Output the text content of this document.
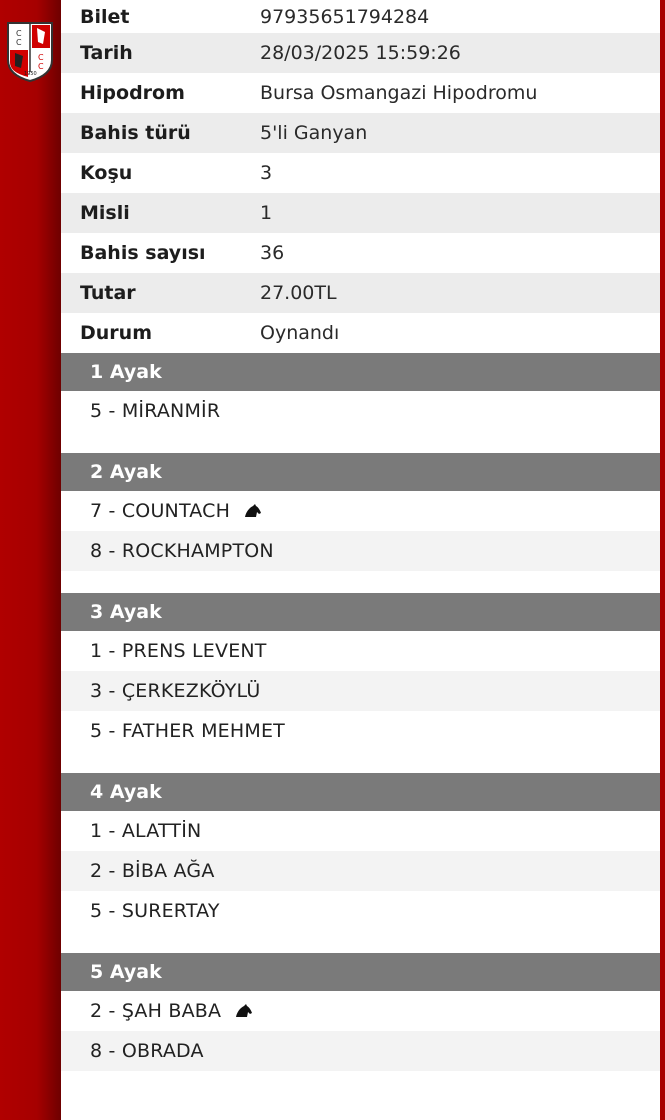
C
C
C
C
1950
Bilet	97935651794284
Tarih	28/03/2025 15:59:26
Hipodrom	Bursa Osmangazi Hipodromu
Bahis türü	5'li Ganyan
Koşu	3
Misli	1
Bahis sayısı	36
Tutar	27.00TL
Durum	Oynandı
1 Ayak
5 - MİRANMİR
2 Ayak
7 - COUNTACH
8 - ROCKHAMPTON
3 Ayak
1 - PRENS LEVENT
3 - ÇERKEZKÖYLÜ
5 - FATHER MEHMET
4 Ayak
1 - ALATTİN
2 - BİBA AĞA
5 - SURERTAY
5 Ayak
2 - ŞAH BABA
8 - OBRADA
